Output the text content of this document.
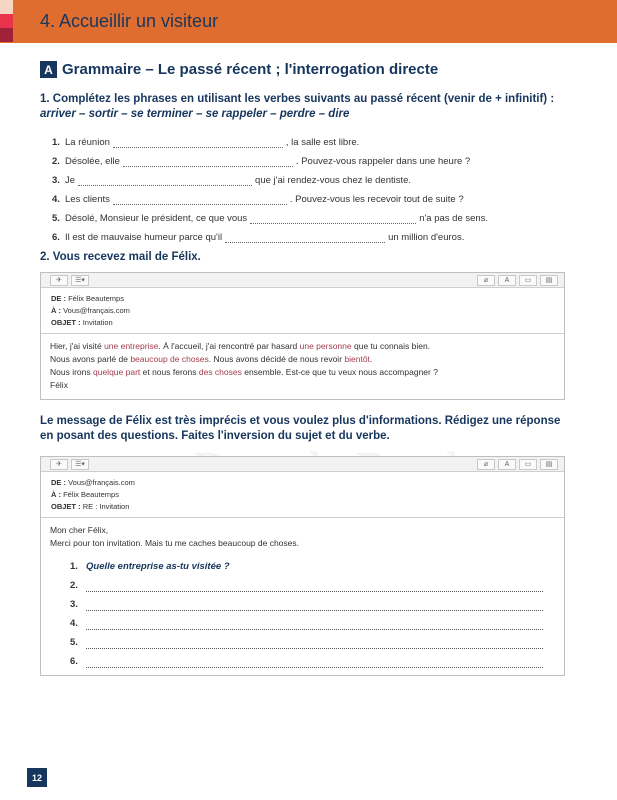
4. Accueillir un visiteur
A Grammaire – Le passé récent ; l'interrogation directe
1. Complétez les phrases en utilisant les verbes suivants au passé récent (venir de + infinitif) :
arriver – sortir – se terminer – se rappeler – perdre – dire
1. La réunion	, la salle est libre.
2. Désolée, elle	. Pouvez-vous rappeler dans une heure ?
3. Je	que j'ai rendez-vous chez le dentiste.
4. Les clients	. Pouvez-vous les recevoir tout de suite ?
5. Désolé, Monsieur le président, ce que vous	n'a pas de sens.
6. Il est de mauvaise humeur parce qu'il	un million d'euros.
2. Vous recevez mail de Félix.
✈	☰▾	⌀	A	▭	▤
DE : Félix Beautemps
À : Vous@français.com
OBJET : Invitation
Hier, j'ai visité une entreprise. À l'accueil, j'ai rencontré par hasard une personne que tu connais bien.
Nous avons parlé de beaucoup de choses. Nous avons décidé de nous revoir bientôt.
Nous irons quelque part et nous ferons des choses ensemble. Est-ce que tu veux nous accompagner ?
Félix
Le message de Félix est très imprécis et vous voulez plus d'informations. Rédigez une réponse en posant des questions. Faites l'inversion du sujet et du verbe.
✈	☰▾	⌀	A	▭	▤
DE : Vous@français.com
À : Félix Beautemps
OBJET : RE : Invitation
Mon cher Félix,
Merci pour ton invitation. Mais tu me caches beaucoup de choses.
1. Quelle entreprise as-tu visitée ?
2.
3.
4.
5.
6.
12
